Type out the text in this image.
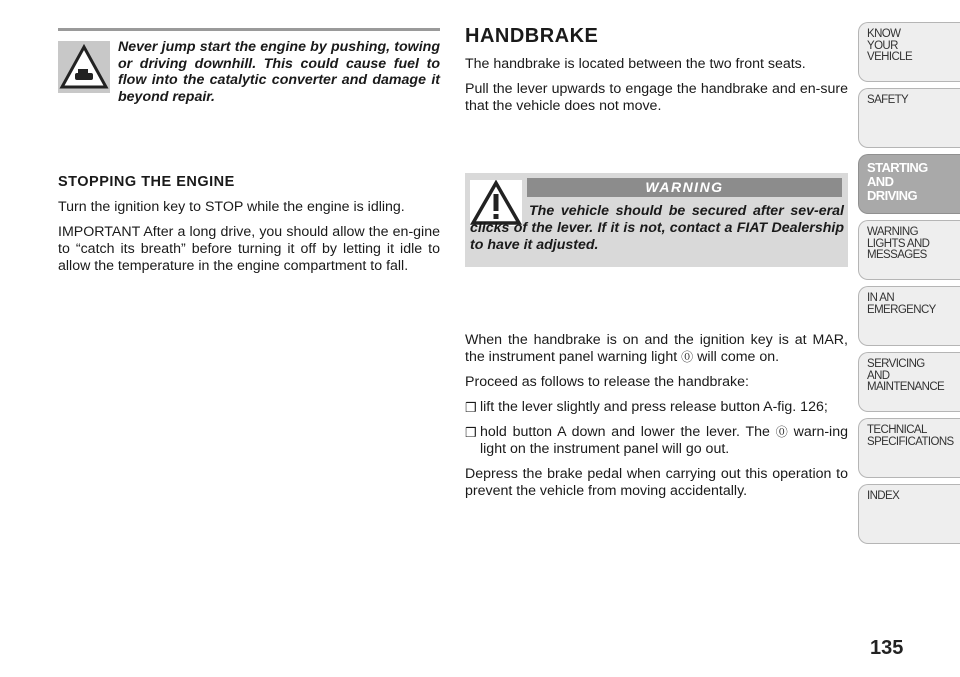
Never jump start the engine by pushing, towing or driving downhill. This could cause fuel to flow into the catalytic converter and damage it beyond repair.
STOPPING THE ENGINE

Turn the ignition key to STOP while the engine is idling.

IMPORTANT After a long drive, you should allow the en-gine to “catch its breath” before turning it off by letting it idle to allow the temperature in the engine compartment to fall.

HANDBRAKE

The handbrake is located between the two front seats.

Pull the lever upwards to engage the handbrake and en-sure that the vehicle does not move.

WARNING
The vehicle should be secured after sev-eral clicks of the lever. If it is not, contact a FIAT Dealership to have it adjusted.

When the handbrake is on and the ignition key is at MAR, the instrument panel warning light ⓪ will come on.

Proceed as follows to release the handbrake:

❒ lift the lever slightly and press release button A-fig. 126;
❒ hold button A down and lower the lever. The ⓪ warn-ing light on the instrument panel will go out.

Depress the brake pedal when carrying out this operation to prevent the vehicle from moving accidentally.

KNOW
YOUR
VEHICLE
SAFETY
STARTING
AND
DRIVING
WARNING
LIGHTS AND
MESSAGES
IN AN
EMERGENCY
SERVICING
AND
MAINTENANCE
TECHNICAL
SPECIFICATIONS
INDEX
135
